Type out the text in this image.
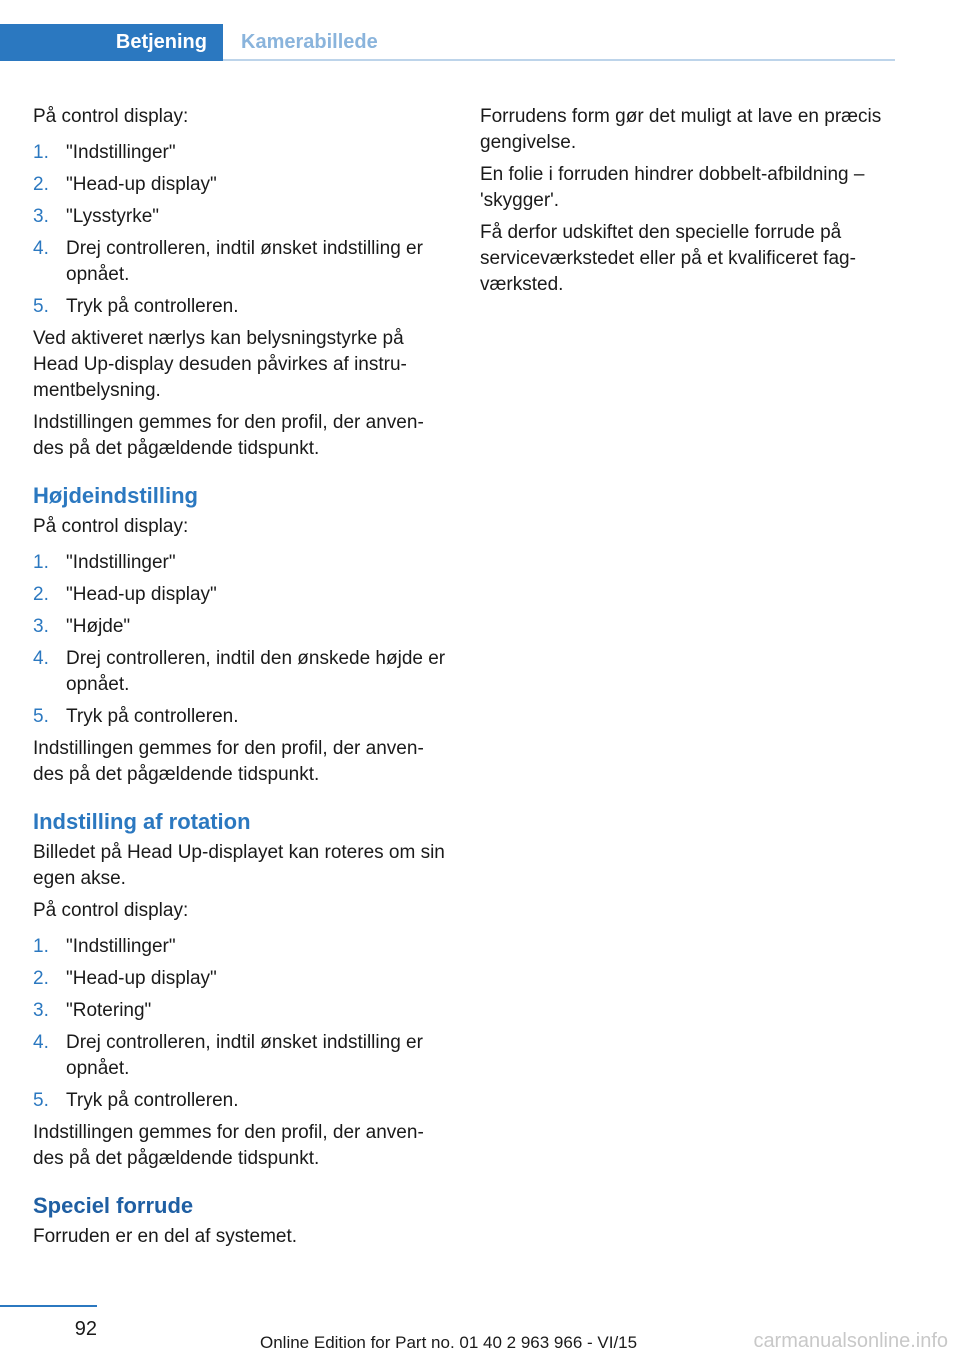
Betjening	Kamerabillede

På control display:

1. "Indstillinger"
2. "Head-up display"
3. "Lysstyrke"
4. Drej controlleren, indtil ønsket indstilling er opnået.
5. Tryk på controlleren.

Ved aktiveret nærlys kan belysningstyrke på Head Up-display desuden påvirkes af instrumentbelysning.

Indstillingen gemmes for den profil, der anvendes på det pågældende tidspunkt.

Højdeindstilling

På control display:

1. "Indstillinger"
2. "Head-up display"
3. "Højde"
4. Drej controlleren, indtil den ønskede højde er opnået.
5. Tryk på controlleren.

Indstillingen gemmes for den profil, der anvendes på det pågældende tidspunkt.

Indstilling af rotation

Billedet på Head Up-displayet kan roteres om sin egen akse.

På control display:

1. "Indstillinger"
2. "Head-up display"
3. "Rotering"
4. Drej controlleren, indtil ønsket indstilling er opnået.
5. Tryk på controlleren.

Indstillingen gemmes for den profil, der anvendes på det pågældende tidspunkt.

Speciel forrude

Forruden er en del af systemet.

Forrudens form gør det muligt at lave en præcis gengivelse.

En folie i forruden hindrer dobbelt-afbildning – 'skygger'.

Få derfor udskiftet den specielle forrude på serviceværkstedet eller på et kvalificeret fagværksted.

92
Online Edition for Part no. 01 40 2 963 966 - VI/15	carmanualsonline.info
